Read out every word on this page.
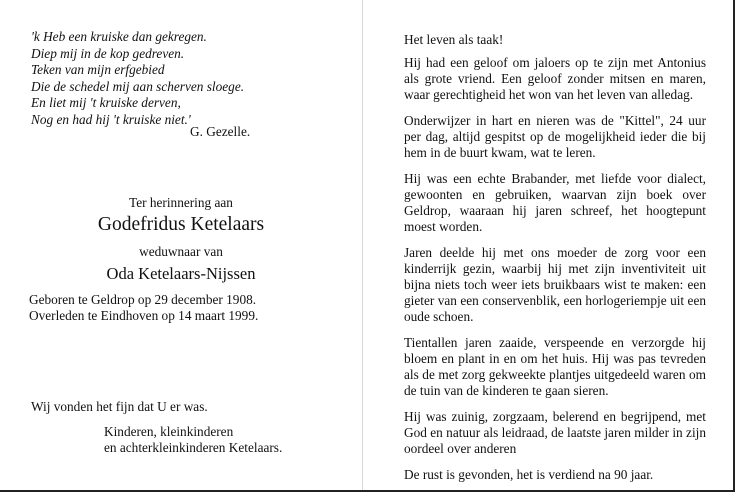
'k Heb een kruiske dan gekregen.
Diep mij in de kop gedreven.
Teken van mijn erfgebied
Die de schedel mij aan scherven sloege.
En liet mij 't kruiske derven,
Nog en had hij 't kruiske niet.'
G. Gezelle.
Ter herinnering aan
Godefridus Ketelaars
weduwnaar van
Oda Ketelaars-Nijssen
Geboren te Geldrop op 29 december 1908.
Overleden te Eindhoven op 14 maart 1999.
Wij vonden het fijn dat U er was.
Kinderen, kleinkinderen
en achterkleinkinderen Ketelaars.

Het leven als taak!

Hij had een geloof om jaloers op te zijn met Antonius als grote vriend. Een geloof zonder mitsen en maren, waar gerechtigheid het won van het leven van alledag.

Onderwijzer in hart en nieren was de "Kittel", 24 uur per dag, altijd gespitst op de mogelijkheid ieder die bij hem in de buurt kwam, wat te leren.

Hij was een echte Brabander, met liefde voor dialect, gewoonten en gebruiken, waarvan zijn boek over Geldrop, waaraan hij jaren schreef, het hoogtepunt moest worden.

Jaren deelde hij met ons moeder de zorg voor een kinderrijk gezin, waarbij hij met zijn inventiviteit uit bijna niets toch weer iets bruikbaars wist te maken: een gieter van een conservenblik, een horlogeriempje uit een oude schoen.

Tientallen jaren zaaide, verspeende en verzorgde hij bloem en plant in en om het huis. Hij was pas tevreden als de met zorg gekweekte plantjes uitgedeeld waren om de tuin van de kinderen te gaan sieren.

Hij was zuinig, zorgzaam, belerend en begrijpend, met God en natuur als leidraad, de laatste jaren milder in zijn oordeel over anderen

De rust is gevonden, het is verdiend na 90 jaar.
